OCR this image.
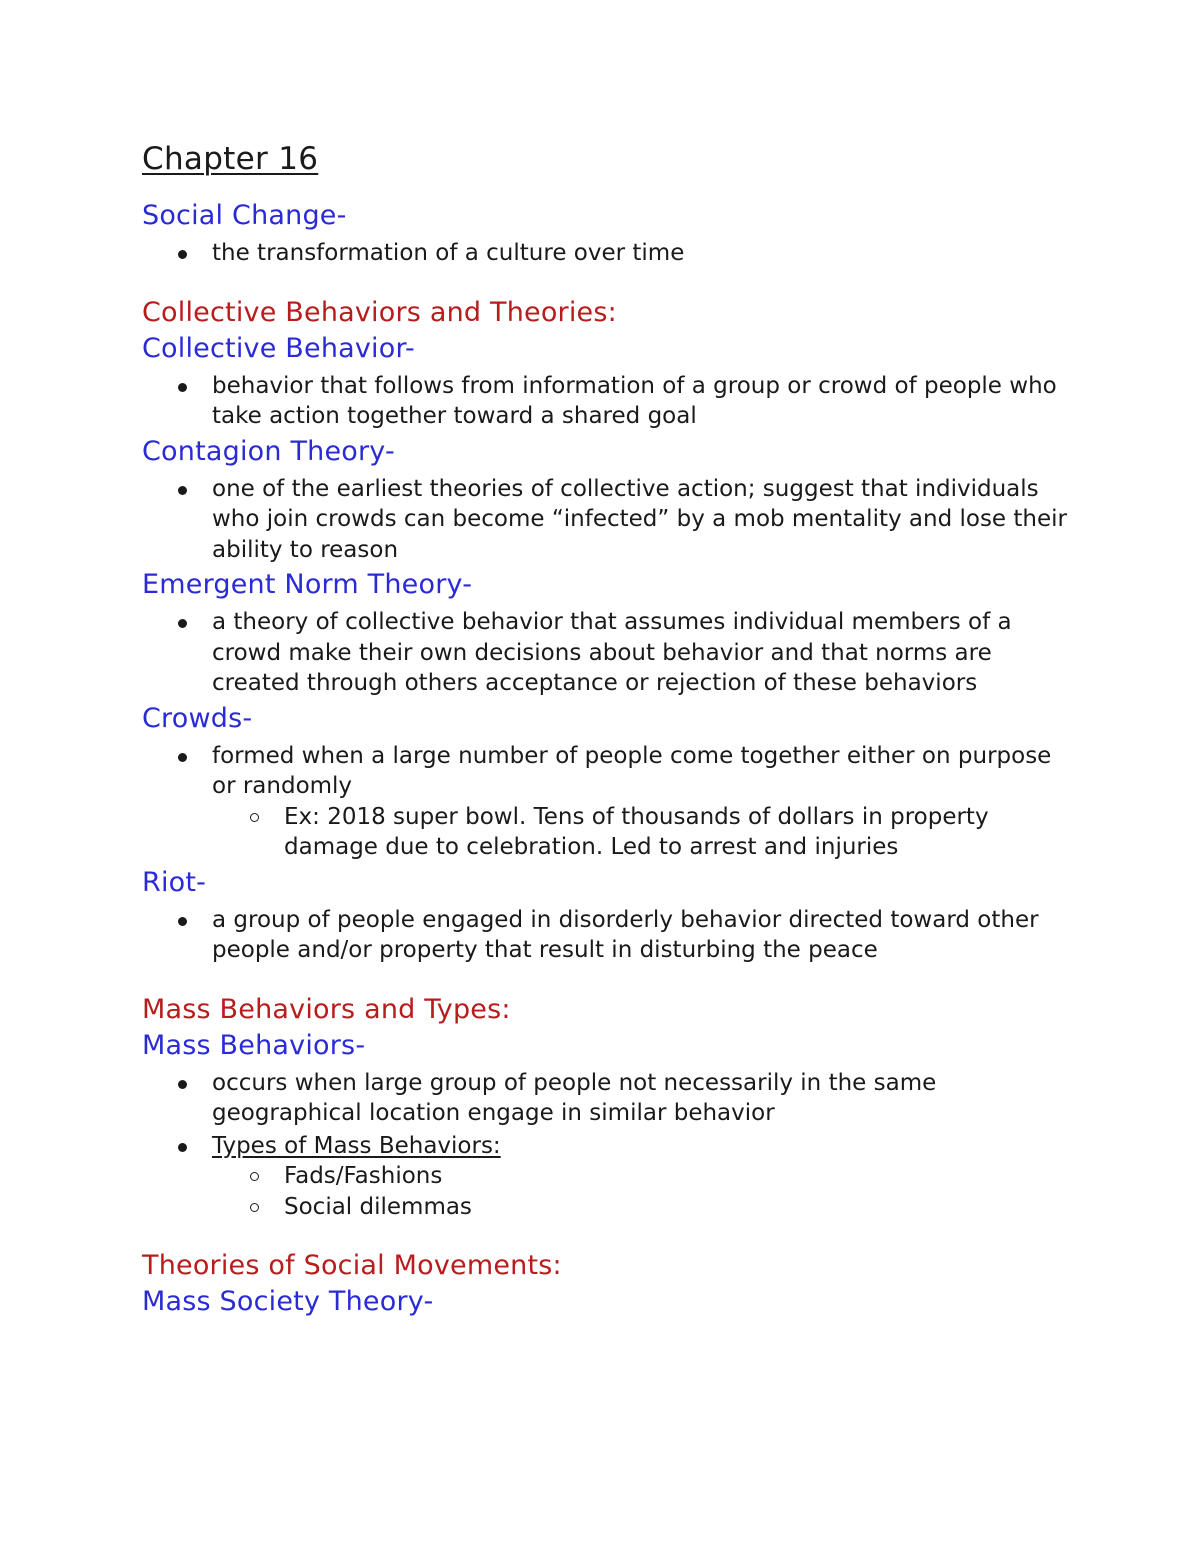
Chapter 16
Social Change-
the transformation of a culture over time
Collective Behaviors and Theories:
Collective Behavior-
behavior that follows from information of a group or crowd of people who take action together toward a shared goal
Contagion Theory-
one of the earliest theories of collective action; suggest that individuals who join crowds can become “infected” by a mob mentality and lose their ability to reason
Emergent Norm Theory-
a theory of collective behavior that assumes individual members of a crowd make their own decisions about behavior and that norms are created through others acceptance or rejection of these behaviors
Crowds-
formed when a large number of people come together either on purpose or randomly
Ex: 2018 super bowl. Tens of thousands of dollars in property damage due to celebration. Led to arrest and injuries
Riot-
a group of people engaged in disorderly behavior directed toward other people and/or property that result in disturbing the peace
Mass Behaviors and Types:
Mass Behaviors-
occurs when large group of people not necessarily in the same geographical location engage in similar behavior
Types of Mass Behaviors:
Fads/Fashions
Social dilemmas
Theories of Social Movements:
Mass Society Theory-
